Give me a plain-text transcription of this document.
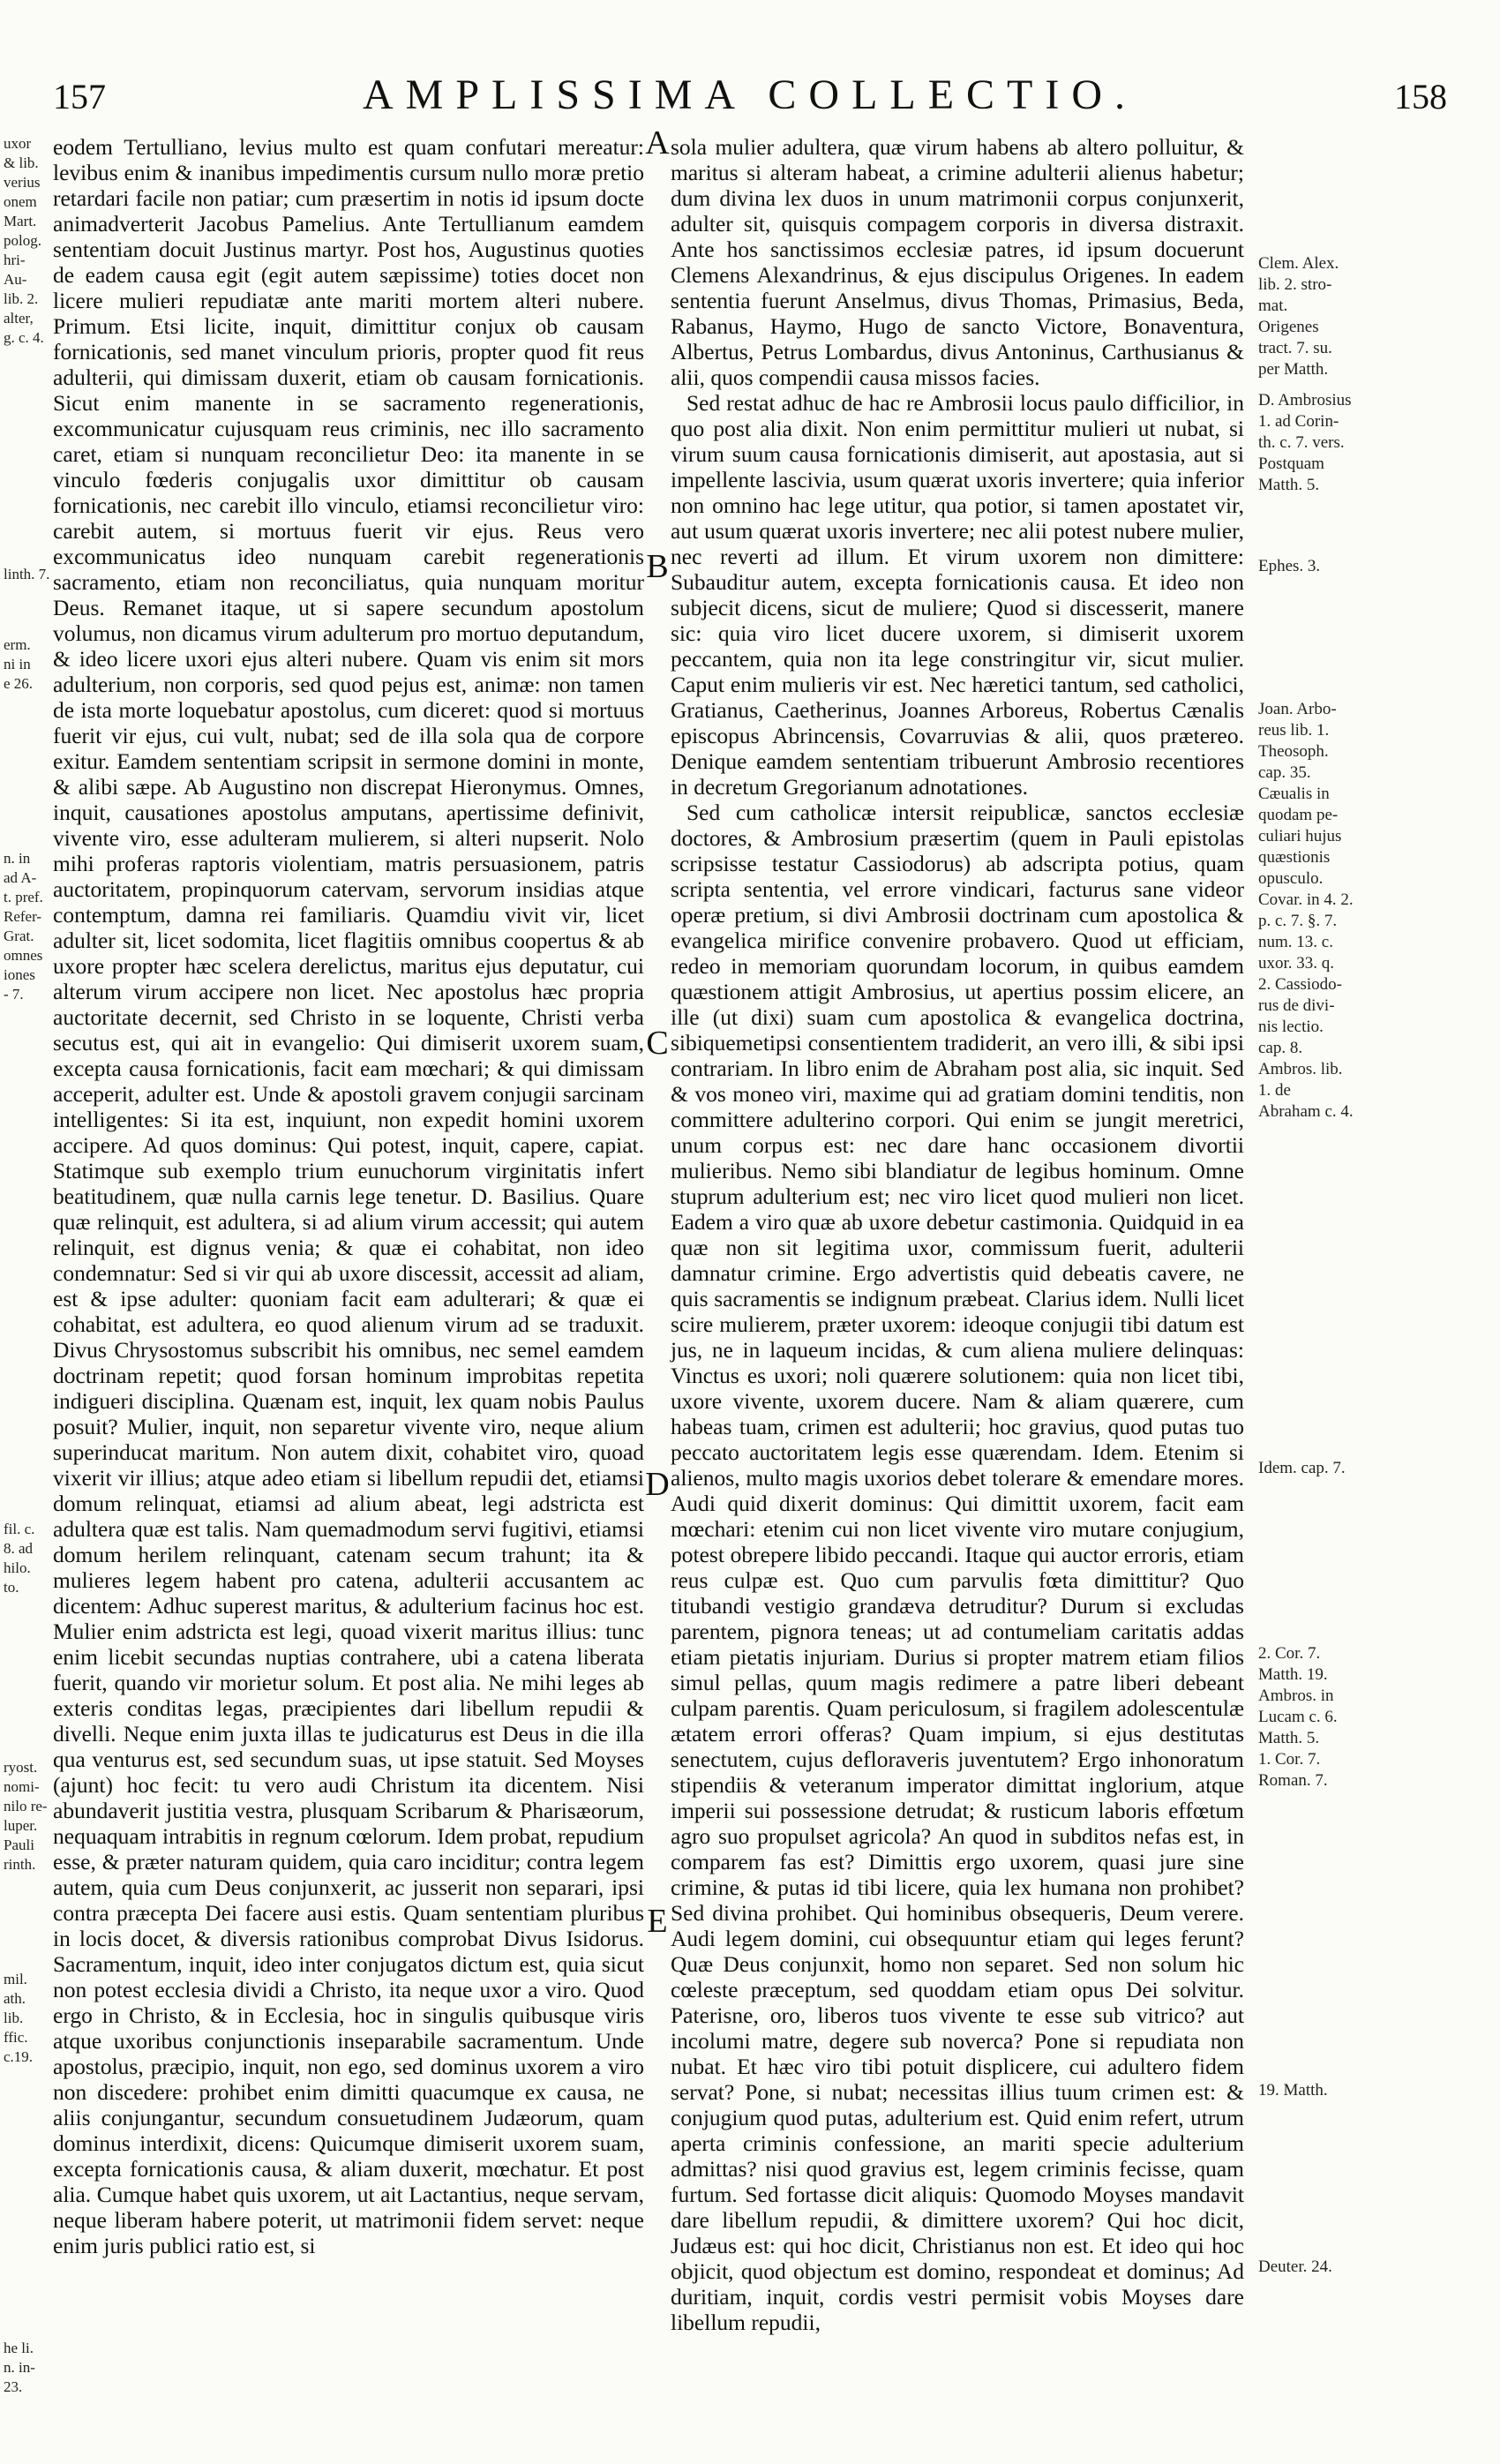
157	AMPLISSIMA COLLECTIO.	158
uxor
& lib.
verius
onem
Mart.
polog.
hri-
Au-
lib. 2.
alter,
g. c. 4.
linth. 7.
erm.
ni in
e 26.
n. in
ad A-
t. pref.
Refer-
Grat.
omnes
iones
- 7.
fil. c.
8. ad
hilo.
to.
ryost.
nomi-
nilo re-
luper.
Pauli
rinth.
mil.
ath.
lib.
ffic.
c.19.
he li.
n. in-
23.

eodem Tertulliano, levius multo est quam confutari mereatur: levibus enim & inanibus impedimentis cursum nullo moræ pretio retardari facile non patiar; cum præsertim in notis id ipsum docte animadverterit Jacobus Pamelius. Ante Tertullianum eamdem sententiam docuit Justinus martyr. Post hos, Augustinus quoties de eadem causa egit (egit autem sæpissime) toties docet non licere mulieri repudiatæ ante mariti mortem alteri nubere. Primum. Etsi licite, inquit, dimittitur conjux ob causam fornicationis, sed manet vinculum prioris, propter quod fit reus adulterii, qui dimissam duxerit, etiam ob causam fornicationis. Sicut enim manente in se sacramento regenerationis, excommunicatur cujusquam reus criminis, nec illo sacramento caret, etiam si nunquam reconcilietur Deo: ita manente in se vinculo fœderis conjugalis uxor dimittitur ob causam fornicationis, nec carebit illo vinculo, etiamsi reconcilietur viro: carebit autem, si mortuus fuerit vir ejus. Reus vero excommunicatus ideo nunquam carebit regenerationis sacramento, etiam non reconciliatus, quia nunquam moritur Deus. Remanet itaque, ut si sapere secundum apostolum volumus, non dicamus virum adulterum pro mortuo deputandum, & ideo licere uxori ejus alteri nubere. Quam vis enim sit mors adulterium, non corporis, sed quod pejus est, animæ: non tamen de ista morte loquebatur apostolus, cum diceret: quod si mortuus fuerit vir ejus, cui vult, nubat; sed de illa sola qua de corpore exitur. Eamdem sententiam scripsit in sermone domini in monte, & alibi sæpe. Ab Augustino non discrepat Hieronymus. Omnes, inquit, causationes apostolus amputans, apertissime definivit, vivente viro, esse adulteram mulierem, si alteri nupserit. Nolo mihi proferas raptoris violentiam, matris persuasionem, patris auctoritatem, propinquorum catervam, servorum insidias atque contemptum, damna rei familiaris. Quamdiu vivit vir, licet adulter sit, licet sodomita, licet flagitiis omnibus coopertus & ab uxore propter hæc scelera derelictus, maritus ejus deputatur, cui alterum virum accipere non licet. Nec apostolus hæc propria auctoritate decernit, sed Christo in se loquente, Christi verba secutus est, qui ait in evangelio: Qui dimiserit uxorem suam, excepta causa fornicationis, facit eam mœchari; & qui dimissam acceperit, adulter est. Unde & apostoli gravem conjugii sarcinam intelligentes: Si ita est, inquiunt, non expedit homini uxorem accipere. Ad quos dominus: Qui potest, inquit, capere, capiat. Statimque sub exemplo trium eunuchorum virginitatis infert beatitudinem, quæ nulla carnis lege tenetur. D. Basilius. Quare quæ relinquit, est adultera, si ad alium virum accessit; qui autem relinquit, est dignus venia; & quæ ei cohabitat, non ideo condemnatur: Sed si vir qui ab uxore discessit, accessit ad aliam, est & ipse adulter: quoniam facit eam adulterari; & quæ ei cohabitat, est adultera, eo quod alienum virum ad se traduxit. Divus Chrysostomus subscribit his omnibus, nec semel eamdem doctrinam repetit; quod forsan hominum improbitas repetita indigueri disciplina. Quænam est, inquit, lex quam nobis Paulus posuit? Mulier, inquit, non separetur vivente viro, neque alium superinducat maritum. Non autem dixit, cohabitet viro, quoad vixerit vir illius; atque adeo etiam si libellum repudii det, etiamsi domum relinquat, etiamsi ad alium abeat, legi adstricta est adultera quæ est talis. Nam quemadmodum servi fugitivi, etiamsi domum herilem relinquant, catenam secum trahunt; ita & mulieres legem habent pro catena, adulterii accusantem ac dicentem: Adhuc superest maritus, & adulterium facinus hoc est. Mulier enim adstricta est legi, quoad vixerit maritus illius: tunc enim licebit secundas nuptias contrahere, ubi a catena liberata fuerit, quando vir morietur solum. Et post alia. Ne mihi leges ab exteris conditas legas, præcipientes dari libellum repudii & divelli. Neque enim juxta illas te judicaturus est Deus in die illa qua venturus est, sed secundum suas, ut ipse statuit. Sed Moyses (ajunt) hoc fecit: tu vero audi Christum ita dicentem. Nisi abundaverit justitia vestra, plusquam Scribarum & Pharisæorum, nequaquam intrabitis in regnum cœlorum. Idem probat, repudium esse, & præter naturam quidem, quia caro inciditur; contra legem autem, quia cum Deus conjunxerit, ac jusserit non separari, ipsi contra præcepta Dei facere ausi estis. Quam sententiam pluribus in locis docet, & diversis rationibus comprobat Divus Isidorus. Sacramentum, inquit, ideo inter conjugatos dictum est, quia sicut non potest ecclesia dividi a Christo, ita neque uxor a viro. Quod ergo in Christo, & in Ecclesia, hoc in singulis quibusque viris atque uxoribus conjunctionis inseparabile sacramentum. Unde apostolus, præcipio, inquit, non ego, sed dominus uxorem a viro non discedere: prohibet enim dimitti quacumque ex causa, ne aliis conjungantur, secundum consuetudinem Judæorum, quam dominus interdixit, dicens: Quicumque dimiserit uxorem suam, excepta fornicationis causa, & aliam duxerit, mœchatur. Et post alia. Cumque habet quis uxorem, ut ait Lactantius, neque servam, neque liberam habere poterit, ut matrimonii fidem servet: neque enim juris publici ratio est, si

A
B
C
D
E

sola mulier adultera, quæ virum habens ab altero polluitur, & maritus si alteram habeat, a crimine adulterii alienus habetur; dum divina lex duos in unum matrimonii corpus conjunxerit, adulter sit, quisquis compagem corporis in diversa distraxit. Ante hos sanctissimos ecclesiæ patres, id ipsum docuerunt Clemens Alexandrinus, & ejus discipulus Origenes. In eadem sententia fuerunt Anselmus, divus Thomas, Primasius, Beda, Rabanus, Haymo, Hugo de sancto Victore, Bonaventura, Albertus, Petrus Lombardus, divus Antoninus, Carthusianus & alii, quos compendii causa missos facies.

Sed restat adhuc de hac re Ambrosii locus paulo difficilior, in quo post alia dixit. Non enim permittitur mulieri ut nubat, si virum suum causa fornicationis dimiserit, aut apostasia, aut si impellente lascivia, usum quærat uxoris invertere; quia inferior non omnino hac lege utitur, qua potior, si tamen apostatet vir, aut usum quærat uxoris invertere; nec alii potest nubere mulier, nec reverti ad illum. Et virum uxorem non dimittere: Subauditur autem, excepta fornicationis causa. Et ideo non subjecit dicens, sicut de muliere; Quod si discesserit, manere sic: quia viro licet ducere uxorem, si dimiserit uxorem peccantem, quia non ita lege constringitur vir, sicut mulier. Caput enim mulieris vir est. Nec hæretici tantum, sed catholici, Gratianus, Caetherinus, Joannes Arboreus, Robertus Cænalis episcopus Abrincensis, Covarruvias & alii, quos prætereo. Denique eamdem sententiam tribuerunt Ambrosio recentiores in decretum Gregorianum adnotationes.

Sed cum catholicæ intersit reipublicæ, sanctos ecclesiæ doctores, & Ambrosium præsertim (quem in Pauli epistolas scripsisse testatur Cassiodorus) ab adscripta potius, quam scripta sententia, vel errore vindicari, facturus sane videor operæ pretium, si divi Ambrosii doctrinam cum apostolica & evangelica mirifice convenire probavero. Quod ut efficiam, redeo in memoriam quorundam locorum, in quibus eamdem quæstionem attigit Ambrosius, ut apertius possim elicere, an ille (ut dixi) suam cum apostolica & evangelica doctrina, sibiquemetipsi consentientem tradiderit, an vero illi, & sibi ipsi contrariam. In libro enim de Abraham post alia, sic inquit. Sed & vos moneo viri, maxime qui ad gratiam domini tenditis, non committere adulterino corpori. Qui enim se jungit meretrici, unum corpus est: nec dare hanc occasionem divortii mulieribus. Nemo sibi blandiatur de legibus hominum. Omne stuprum adulterium est; nec viro licet quod mulieri non licet. Eadem a viro quæ ab uxore debetur castimonia. Quidquid in ea quæ non sit legitima uxor, commissum fuerit, adulterii damnatur crimine. Ergo advertistis quid debeatis cavere, ne quis sacramentis se indignum præbeat. Clarius idem. Nulli licet scire mulierem, præter uxorem: ideoque conjugii tibi datum est jus, ne in laqueum incidas, & cum aliena muliere delinquas: Vinctus es uxori; noli quærere solutionem: quia non licet tibi, uxore vivente, uxorem ducere. Nam & aliam quærere, cum habeas tuam, crimen est adulterii; hoc gravius, quod putas tuo peccato auctoritatem legis esse quærendam. Idem. Etenim si alienos, multo magis uxorios debet tolerare & emendare mores. Audi quid dixerit dominus: Qui dimittit uxorem, facit eam mœchari: etenim cui non licet vivente viro mutare conjugium, potest obrepere libido peccandi. Itaque qui auctor erroris, etiam reus culpæ est. Quo cum parvulis fœta dimittitur? Quo titubandi vestigio grandæva detruditur? Durum si excludas parentem, pignora teneas; ut ad contumeliam caritatis addas etiam pietatis injuriam. Durius si propter matrem etiam filios simul pellas, quum magis redimere a patre liberi debeant culpam parentis. Quam periculosum, si fragilem adolescentulæ ætatem errori offeras? Quam impium, si ejus destitutas senectutem, cujus defloraveris juventutem? Ergo inhonoratum stipendiis & veteranum imperator dimittat inglorium, atque imperii sui possessione detrudat; & rusticum laboris effœtum agro suo propulset agricola? An quod in subditos nefas est, in comparem fas est? Dimittis ergo uxorem, quasi jure sine crimine, & putas id tibi licere, quia lex humana non prohibet? Sed divina prohibet. Qui hominibus obsequeris, Deum verere. Audi legem domini, cui obsequuntur etiam qui leges ferunt? Quæ Deus conjunxit, homo non separet. Sed non solum hic cœleste præceptum, sed quoddam etiam opus Dei solvitur. Paterisne, oro, liberos tuos vivente te esse sub vitrico? aut incolumi matre, degere sub noverca? Pone si repudiata non nubat. Et hæc viro tibi potuit displicere, cui adultero fidem servat? Pone, si nubat; necessitas illius tuum crimen est: & conjugium quod putas, adulterium est. Quid enim refert, utrum aperta criminis confessione, an mariti specie adulterium admittas? nisi quod gravius est, legem criminis fecisse, quam furtum. Sed fortasse dicit aliquis: Quomodo Moyses mandavit dare libellum repudii, & dimittere uxorem? Qui hoc dicit, Judæus est: qui hoc dicit, Christianus non est. Et ideo qui hoc objicit, quod objectum est domino, respondeat et dominus; Ad duritiam, inquit, cordis vestri permisit vobis Moyses dare libellum repudii,

Clem. Alex.
lib. 2. stro-
mat.
Origenes
tract. 7. su.
per Matth.
D. Ambrosius
1. ad Corin-
th. c. 7. vers.
Postquam
Matth. 5.
Ephes. 3.
Joan. Arbo-
reus lib. 1.
Theosoph.
cap. 35.
Cæualis in
quodam pe-
culiari hujus
quæstionis
opusculo.
Covar. in 4. 2.
p. c. 7. §. 7.
num. 13. c.
uxor. 33. q.
2. Cassiodo-
rus de divi-
nis lectio.
cap. 8.
Ambros. lib.
1. de
Abraham c. 4.
Idem. cap. 7.
2. Cor. 7.
Matth. 19.
Ambros. in
Lucam c. 6.
Matth. 5.
1. Cor. 7.
Roman. 7.
19. Matth.
Deuter. 24.
